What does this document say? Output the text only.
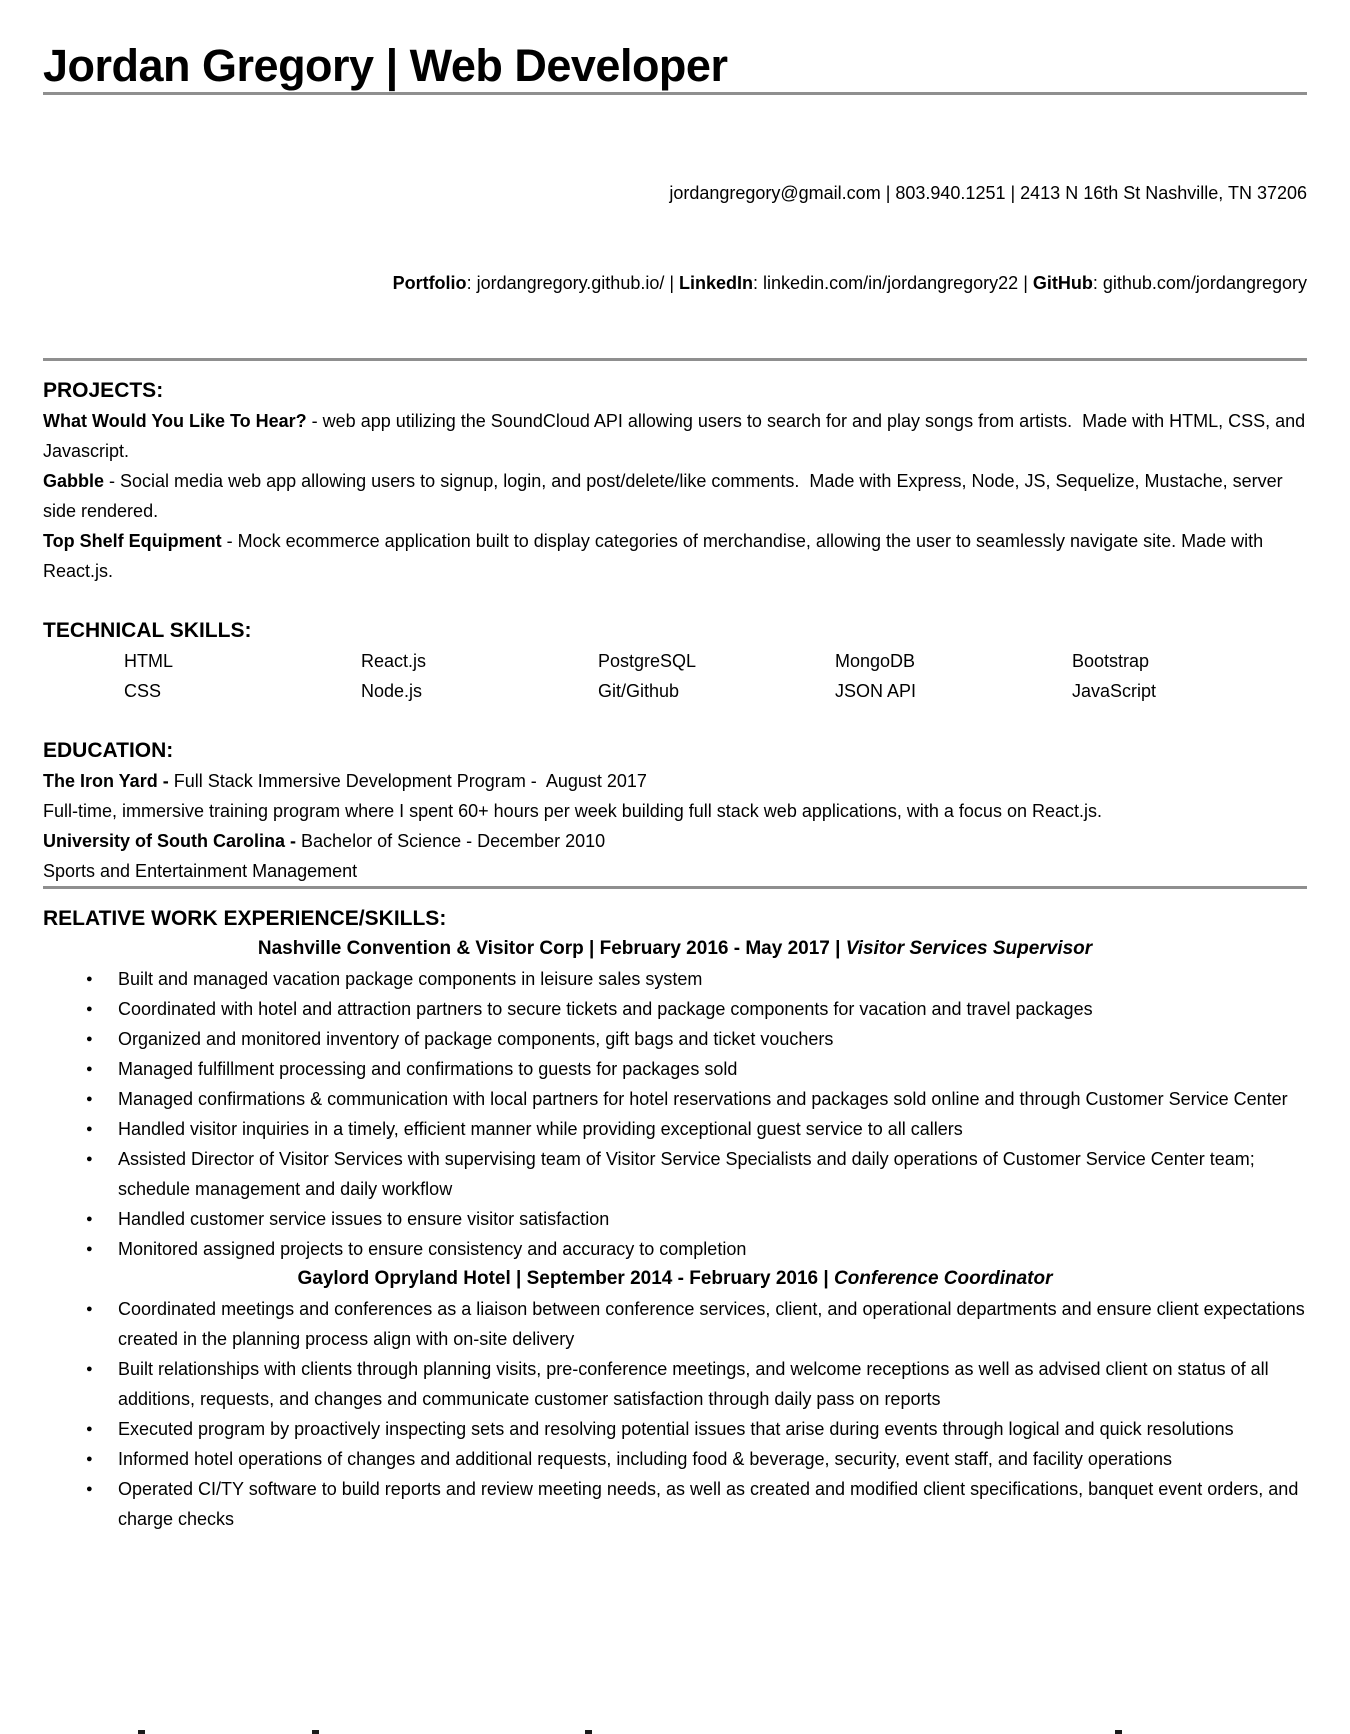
Jordan Gregory | Web Developer

jordangregory@gmail.com | 803.940.1251 | 2413 N 16th St Nashville, TN 37206

Portfolio: jordangregory.github.io/ | LinkedIn: linkedin.com/in/jordangregory22 | GitHub: github.com/jordangregory

PROJECTS:

What Would You Like To Hear? - web app utilizing the SoundCloud API allowing users to search for and play songs from artists.  Made with HTML, CSS, and Javascript.

Gabble - Social media web app allowing users to signup, login, and post/delete/like comments.  Made with Express, Node, JS, Sequelize, Mustache, server side rendered.

Top Shelf Equipment - Mock ecommerce application built to display categories of merchandise, allowing the user to seamlessly navigate site. Made with React.js.

TECHNICAL SKILLS:
HTML	React.js	PostgreSQL	MongoDB	Bootstrap
CSS	Node.js	Git/Github	JSON API	JavaScript
EDUCATION:

The Iron Yard - Full Stack Immersive Development Program -  August 2017

Full-time, immersive training program where I spent 60+ hours per week building full stack web applications, with a focus on React.js.

University of South Carolina - Bachelor of Science - December 2010

Sports and Entertainment Management

RELATIVE WORK EXPERIENCE/SKILLS:

Nashville Convention & Visitor Corp | February 2016 - May 2017 | Visitor Services Supervisor

● Built and managed vacation package components in leisure sales system
● Coordinated with hotel and attraction partners to secure tickets and package components for vacation and travel packages
● Organized and monitored inventory of package components, gift bags and ticket vouchers
● Managed fulfillment processing and confirmations to guests for packages sold
● Managed confirmations & communication with local partners for hotel reservations and packages sold online and through Customer Service Center
● Handled visitor inquiries in a timely, efficient manner while providing exceptional guest service to all callers
● Assisted Director of Visitor Services with supervising team of Visitor Service Specialists and daily operations of Customer Service Center team; schedule management and daily workflow
● Handled customer service issues to ensure visitor satisfaction
● Monitored assigned projects to ensure consistency and accuracy to completion

Gaylord Opryland Hotel | September 2014 - February 2016 | Conference Coordinator

● Coordinated meetings and conferences as a liaison between conference services, client, and operational departments and ensure client expectations created in the planning process align with on-site delivery
● Built relationships with clients through planning visits, pre-conference meetings, and welcome receptions as well as advised client on status of all additions, requests, and changes and communicate customer satisfaction through daily pass on reports
● Executed program by proactively inspecting sets and resolving potential issues that arise during events through logical and quick resolutions
● Informed hotel operations of changes and additional requests, including food & beverage, security, event staff, and facility operations
● Operated CI/TY software to build reports and review meeting needs, as well as created and modified client specifications, banquet event orders, and charge checks
